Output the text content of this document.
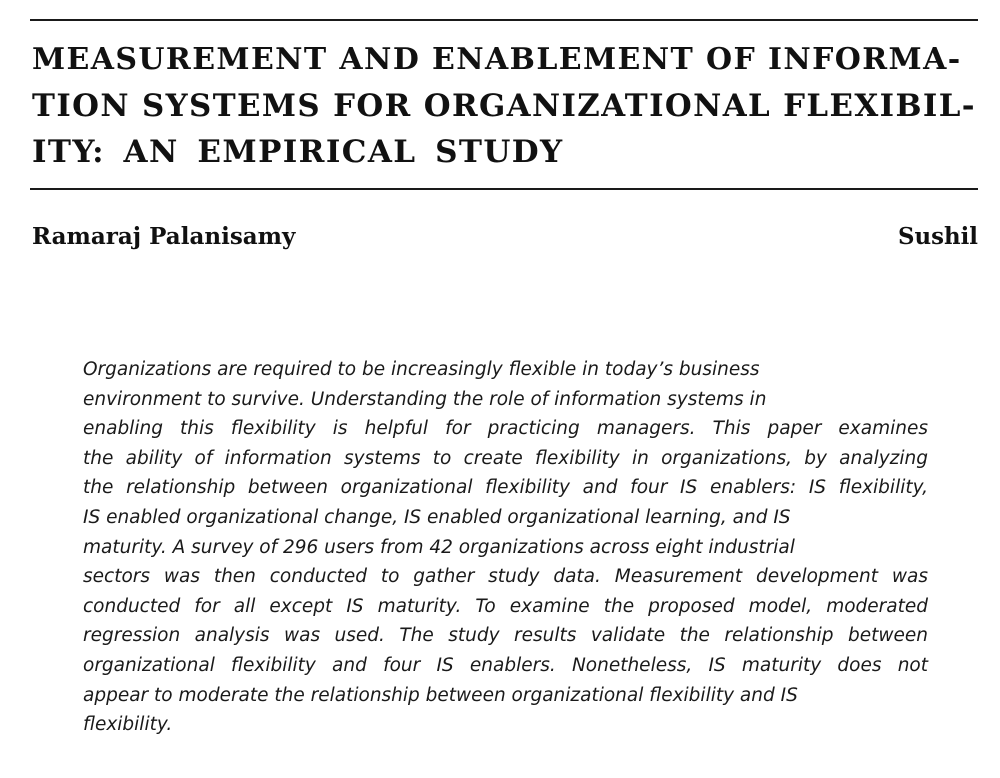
MEASUREMENT AND ENABLEMENT OF INFORMA-
TION SYSTEMS FOR ORGANIZATIONAL FLEXIBIL-
ITY: AN EMPIRICAL STUDY
Ramaraj Palanisamy	Sushil
Organizations are required to be increasingly flexible in today’s business
environment to survive. Understanding the role of information systems in
enabling this flexibility is helpful for practicing managers. This paper examines
the ability of information systems to create flexibility in organizations, by analyzing
the relationship between organizational flexibility and four IS enablers: IS flexibility,
IS enabled organizational change, IS enabled organizational learning, and IS
maturity. A survey of 296 users from 42 organizations across eight industrial
sectors was then conducted to gather study data. Measurement development was
conducted for all except IS maturity. To examine the proposed model, moderated
regression analysis was used. The study results validate the relationship between
organizational flexibility and four IS enablers. Nonetheless, IS maturity does not
appear to moderate the relationship between organizational flexibility and IS
flexibility.
